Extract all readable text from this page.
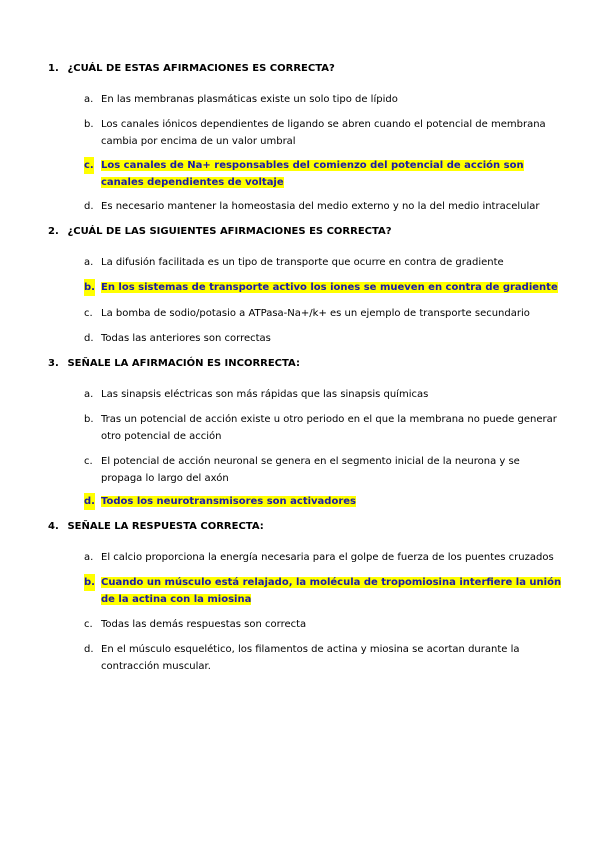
1. ¿CUÁL DE ESTAS AFIRMACIONES ES CORRECTA?
a. En las membranas plasmáticas existe un solo tipo de lípido
b. Los canales iónicos dependientes de ligando se abren cuando el potencial de membrana cambia por encima de un valor umbral
c. Los canales de Na+ responsables del comienzo del potencial de acción son canales dependientes de voltaje
d. Es necesario mantener la homeostasia del medio externo y no la del medio intracelular
2. ¿CUÁL DE LAS SIGUIENTES AFIRMACIONES ES CORRECTA?
a. La difusión facilitada es un tipo de transporte que ocurre en contra de gradiente
b. En los sistemas de transporte activo los iones se mueven en contra de gradiente
c. La bomba de sodio/potasio a ATPasa-Na+/k+ es un ejemplo de transporte secundario
d. Todas las anteriores son correctas
3. SEÑALE LA AFIRMACIÓN ES INCORRECTA:
a. Las sinapsis eléctricas son más rápidas que las sinapsis químicas
b. Tras un potencial de acción existe u otro periodo en el que la membrana no puede generar otro potencial de acción
c. El potencial de acción neuronal se genera en el segmento inicial de la neurona y se propaga lo largo del axón
d. Todos los neurotransmisores son activadores
4. SEÑALE LA RESPUESTA CORRECTA:
a. El calcio proporciona la energía necesaria para el golpe de fuerza de los puentes cruzados
b. Cuando un músculo está relajado, la molécula de tropomiosina interfiere la unión de la actina con la miosina
c. Todas las demás respuestas son correcta
d. En el músculo esquelético, los filamentos de actina y miosina se acortan durante la contracción muscular.
